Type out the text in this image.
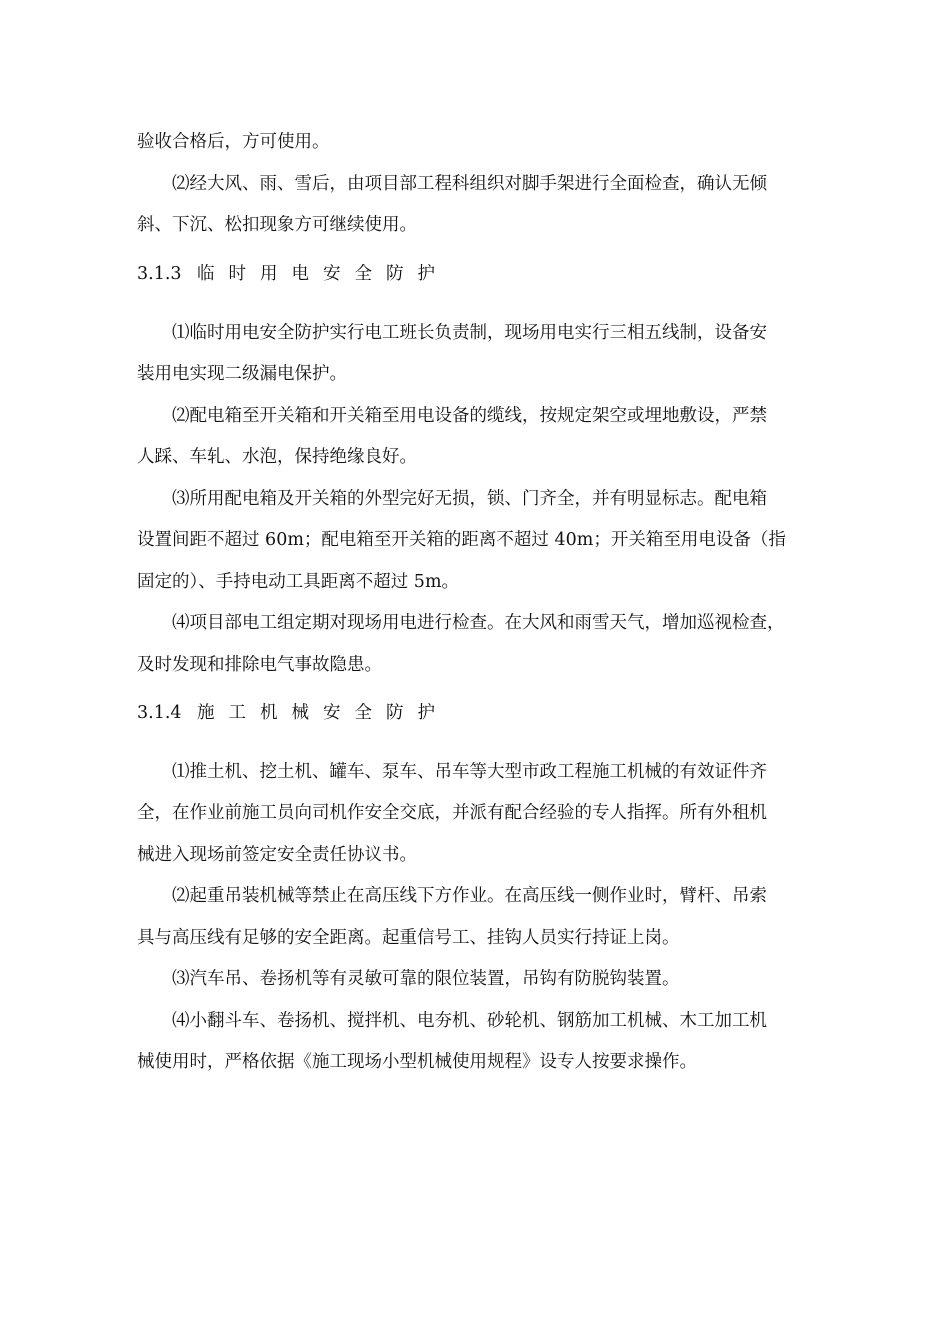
验收合格后，方可使用。
⑵经大风、雨、雪后，由项目部工程科组织对脚手架进行全面检查，确认无倾
斜、下沉、松扣现象方可继续使用。
3.1.3 临时用电安全防护
⑴临时用电安全防护实行电工班长负责制，现场用电实行三相五线制，设备安
装用电实现二级漏电保护。
⑵配电箱至开关箱和开关箱至用电设备的缆线，按规定架空或埋地敷设，严禁
人踩、车轧、水泡，保持绝缘良好。
⑶所用配电箱及开关箱的外型完好无损，锁、门齐全，并有明显标志。配电箱
设置间距不超过 60m；配电箱至开关箱的距离不超过 40m；开关箱至用电设备（指
固定的）、手持电动工具距离不超过 5m。
⑷项目部电工组定期对现场用电进行检查。在大风和雨雪天气，增加巡视检查，
及时发现和排除电气事故隐患。
3.1.4 施工机械安全防护
⑴推土机、挖土机、罐车、泵车、吊车等大型市政工程施工机械的有效证件齐
全，在作业前施工员向司机作安全交底，并派有配合经验的专人指挥。所有外租机
械进入现场前签定安全责任协议书。
⑵起重吊装机械等禁止在高压线下方作业。在高压线一侧作业时，臂杆、吊索
具与高压线有足够的安全距离。起重信号工、挂钩人员实行持证上岗。
⑶汽车吊、卷扬机等有灵敏可靠的限位装置，吊钩有防脱钩装置。
⑷小翻斗车、卷扬机、搅拌机、电夯机、砂轮机、钢筋加工机械、木工加工机
械使用时，严格依据《施工现场小型机械使用规程》设专人按要求操作。
